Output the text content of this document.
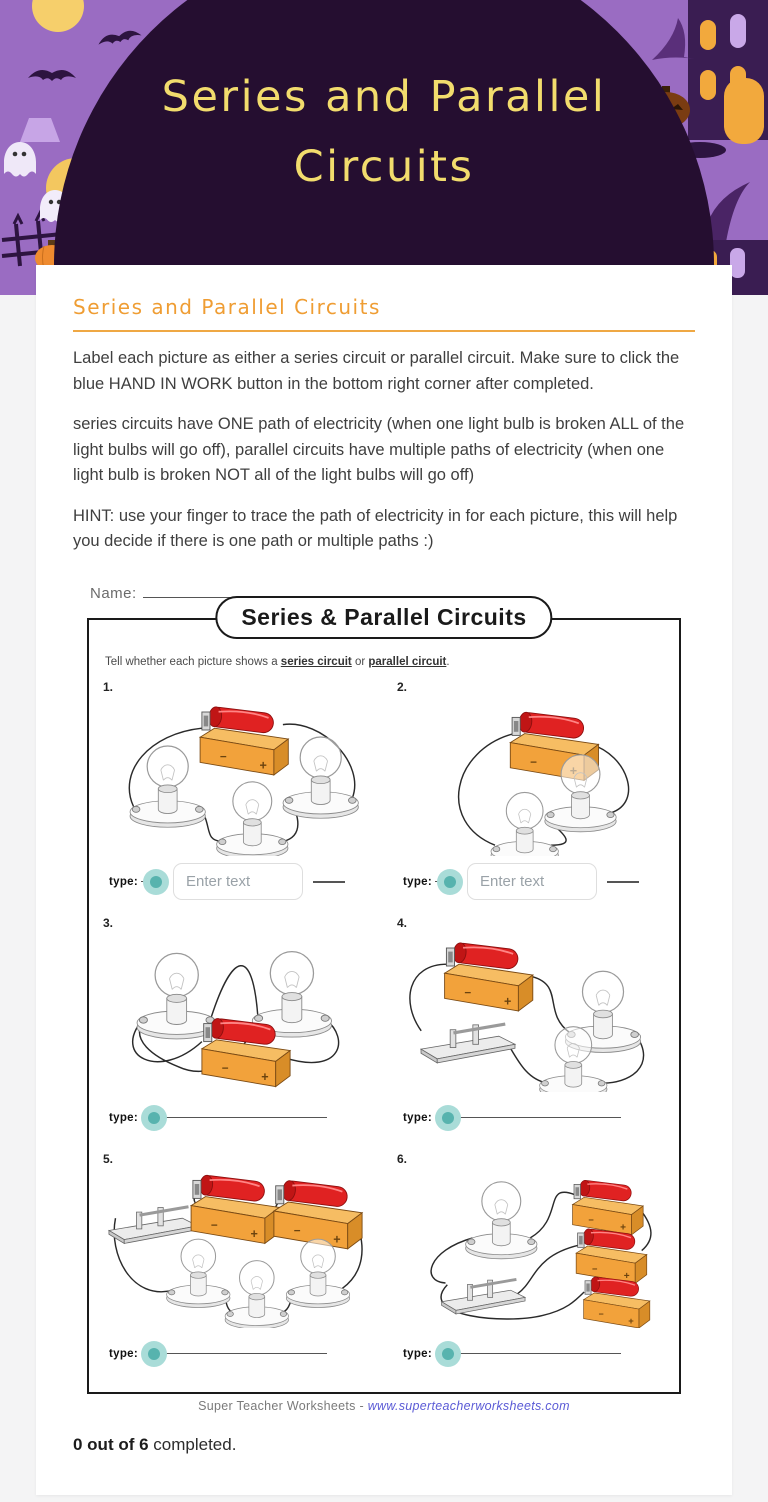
Series and Parallel
Circuits
Series and Parallel Circuits

Label each picture as either a series circuit or parallel circuit. Make sure to click the blue HAND IN WORK button in the bottom right corner after completed.

series circuits have ONE path of electricity (when one light bulb is broken ALL of the light bulbs will go off), parallel circuits have multiple paths of electricity (when one light bulb is broken NOT all of the light bulbs will go off)

HINT: use your finger to trace the path of electricity in for each picture, this will help you decide if there is one path or multiple paths :)

Name:
Series & Parallel Circuits

Tell whether each picture shows a series circuit or parallel circuit.

1.
+
−
type:
Enter text
2.
−
type:
Enter text
3.
+
−
type:
4.
+
−
type:
5.
+
−
+
−
type:
6.
+
−
+
−
+
−
type:
Super Teacher Worksheets - www.superteacherworksheets.com

0 out of 6 completed.
